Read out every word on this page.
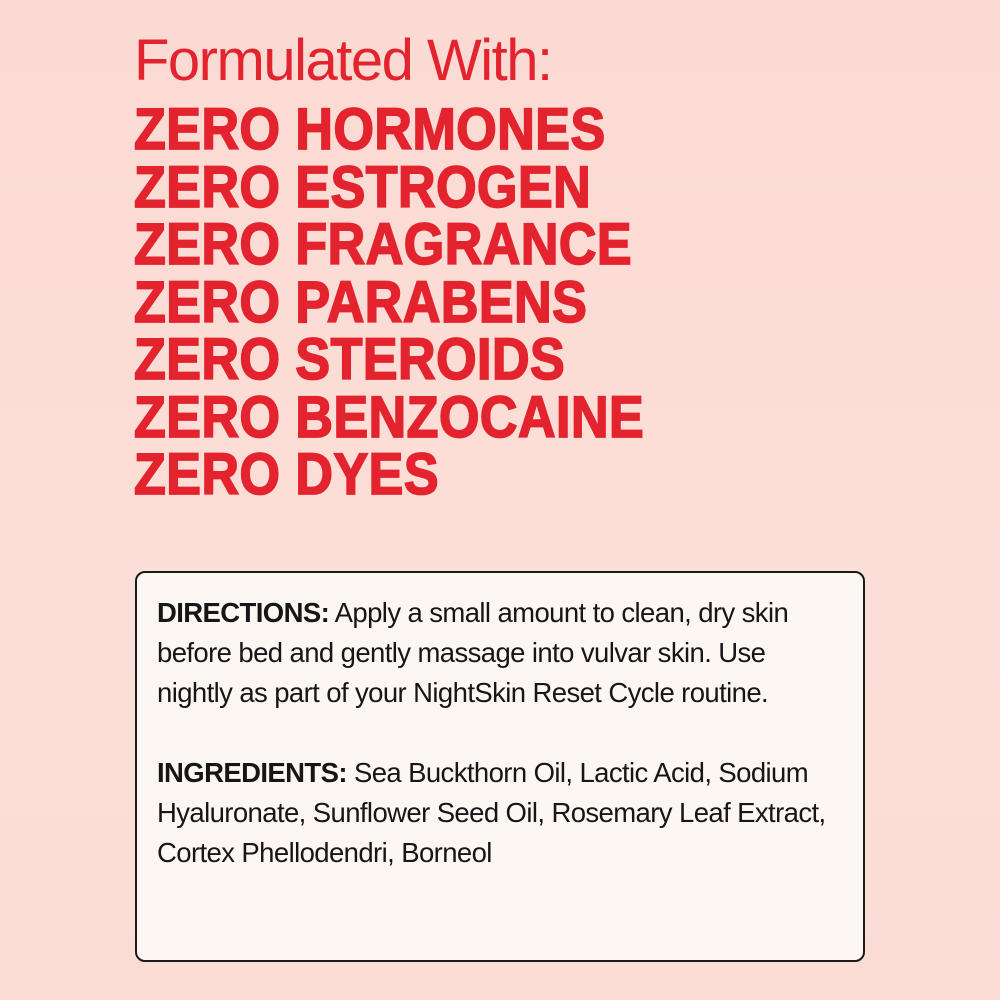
Formulated With:
ZERO HORMONES
ZERO ESTROGEN
ZERO FRAGRANCE
ZERO PARABENS
ZERO STEROIDS
ZERO BENZOCAINE
ZERO DYES

DIRECTIONS: Apply a small amount to clean, dry skin before bed and gently massage into vulvar skin. Use nightly as part of your NightSkin Reset Cycle routine.

INGREDIENTS: Sea Buckthorn Oil, Lactic Acid, Sodium Hyaluronate, Sunflower Seed Oil, Rosemary Leaf Extract, Cortex Phellodendri, Borneol
